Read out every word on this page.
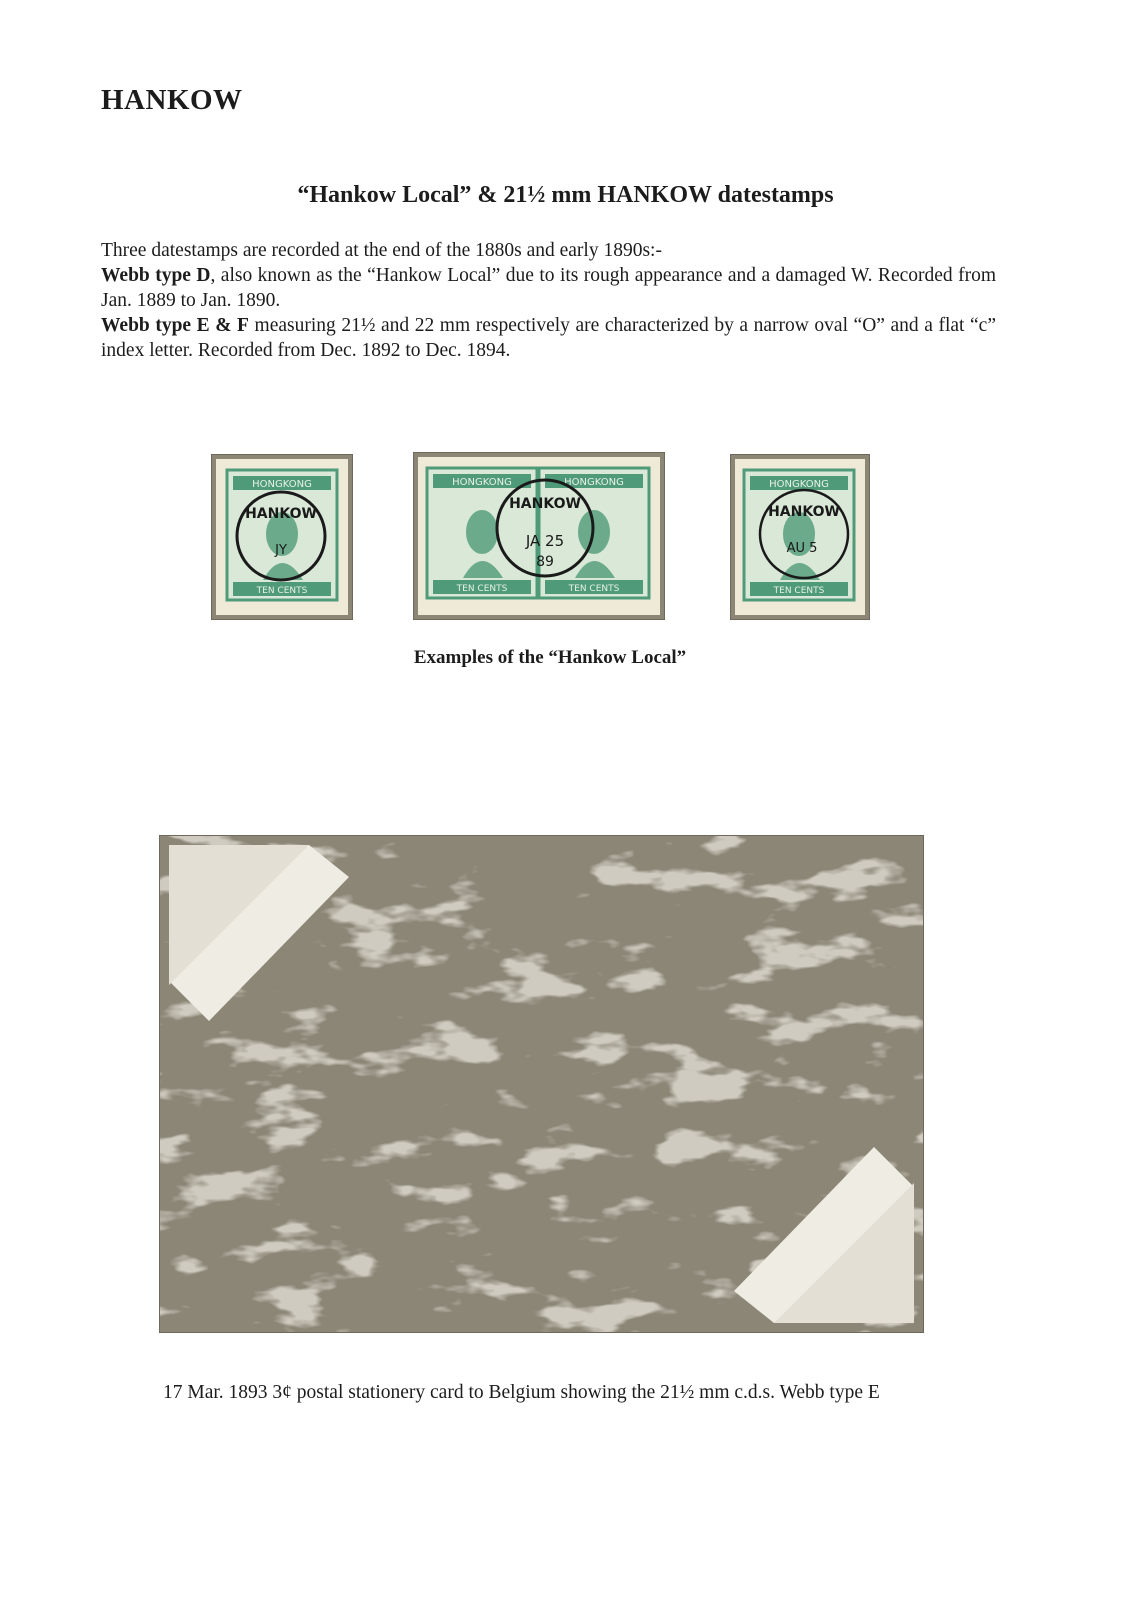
HANKOW
“Hankow Local” & 21½ mm HANKOW datestamps
Three datestamps are recorded at the end of the 1880s and early 1890s:-
Webb type D, also known as the “Hankow Local” due to its rough appearance and a damaged W. Recorded from Jan. 1889 to Jan. 1890.
Webb type E & F measuring 21½ and 22 mm respectively are characterized by a narrow oval “O” and a flat “c” index letter. Recorded from Dec. 1892 to Dec. 1894.
HONGKONG
TEN CENTS
HANKOW
JY
HONGKONG	HONGKONG
TEN CENTS	TEN CENTS
HANKOW
JA 25
89
HONGKONG
TEN CENTS
HANKOW
AU 5
Examples of the “Hankow Local”
17 Mar. 1893 3¢ postal stationery card to Belgium showing the 21½ mm c.d.s. Webb type E
